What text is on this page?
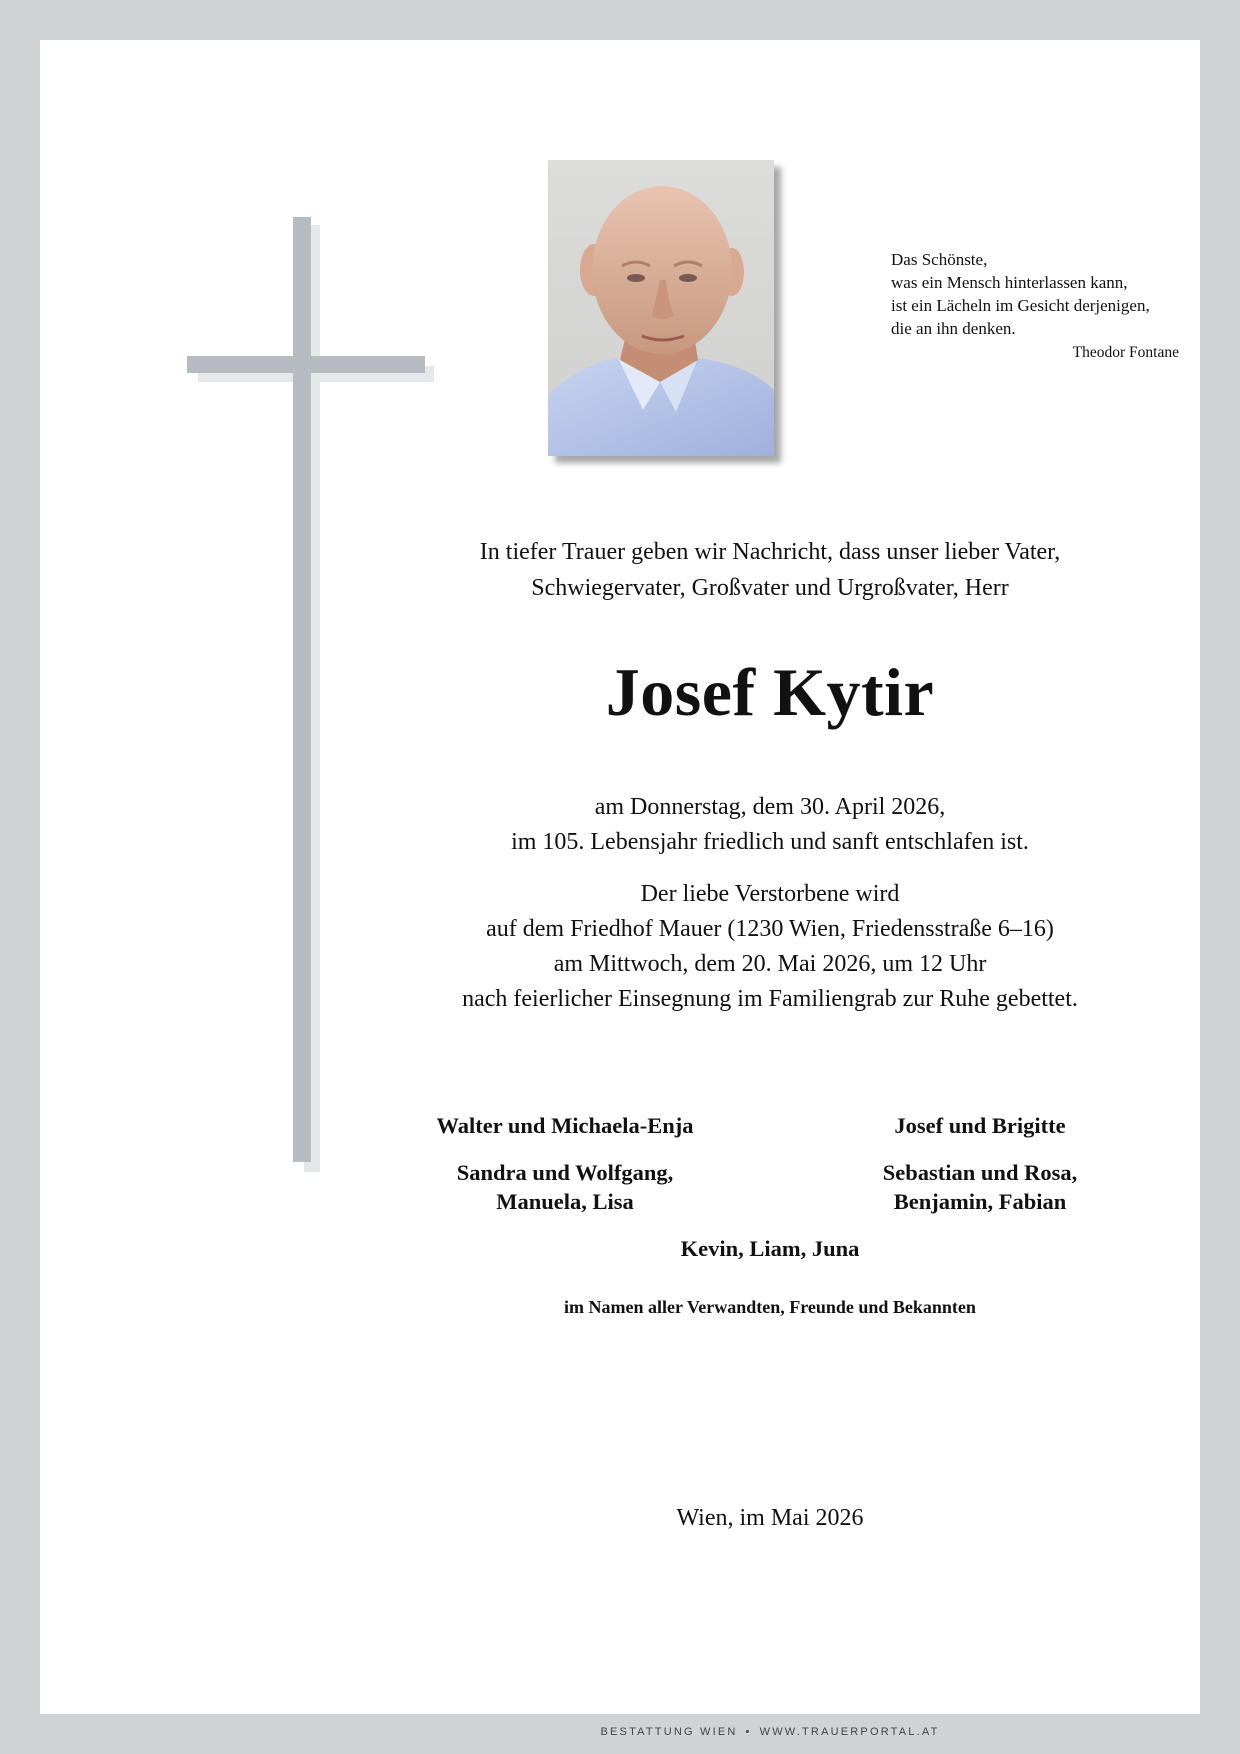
Das Schönste,
was ein Mensch hinterlassen kann,
ist ein Lächeln im Gesicht derjenigen,
die an ihn denken.
Theodor Fontane
In tiefer Trauer geben wir Nachricht, dass unser lieber Vater,
Schwiegervater, Großvater und Urgroßvater, Herr
Josef Kytir
am Donnerstag, dem 30. April 2026,
im 105. Lebensjahr friedlich und sanft entschlafen ist.
Der liebe Verstorbene wird
auf dem Friedhof Mauer (1230 Wien, Friedensstraße 6–16)
am Mittwoch, dem 20. Mai 2026, um 12 Uhr
nach feierlicher Einsegnung im Familiengrab zur Ruhe gebettet.
Walter und Michaela-Enja	Josef und Brigitte
Sandra und Wolfgang,
Manuela, Lisa
Sebastian und Rosa,
Benjamin, Fabian
Kevin, Liam, Juna
im Namen aller Verwandten, Freunde und Bekannten
Wien, im Mai 2026
BESTATTUNG WIEN • WWW.TRAUERPORTAL.AT
